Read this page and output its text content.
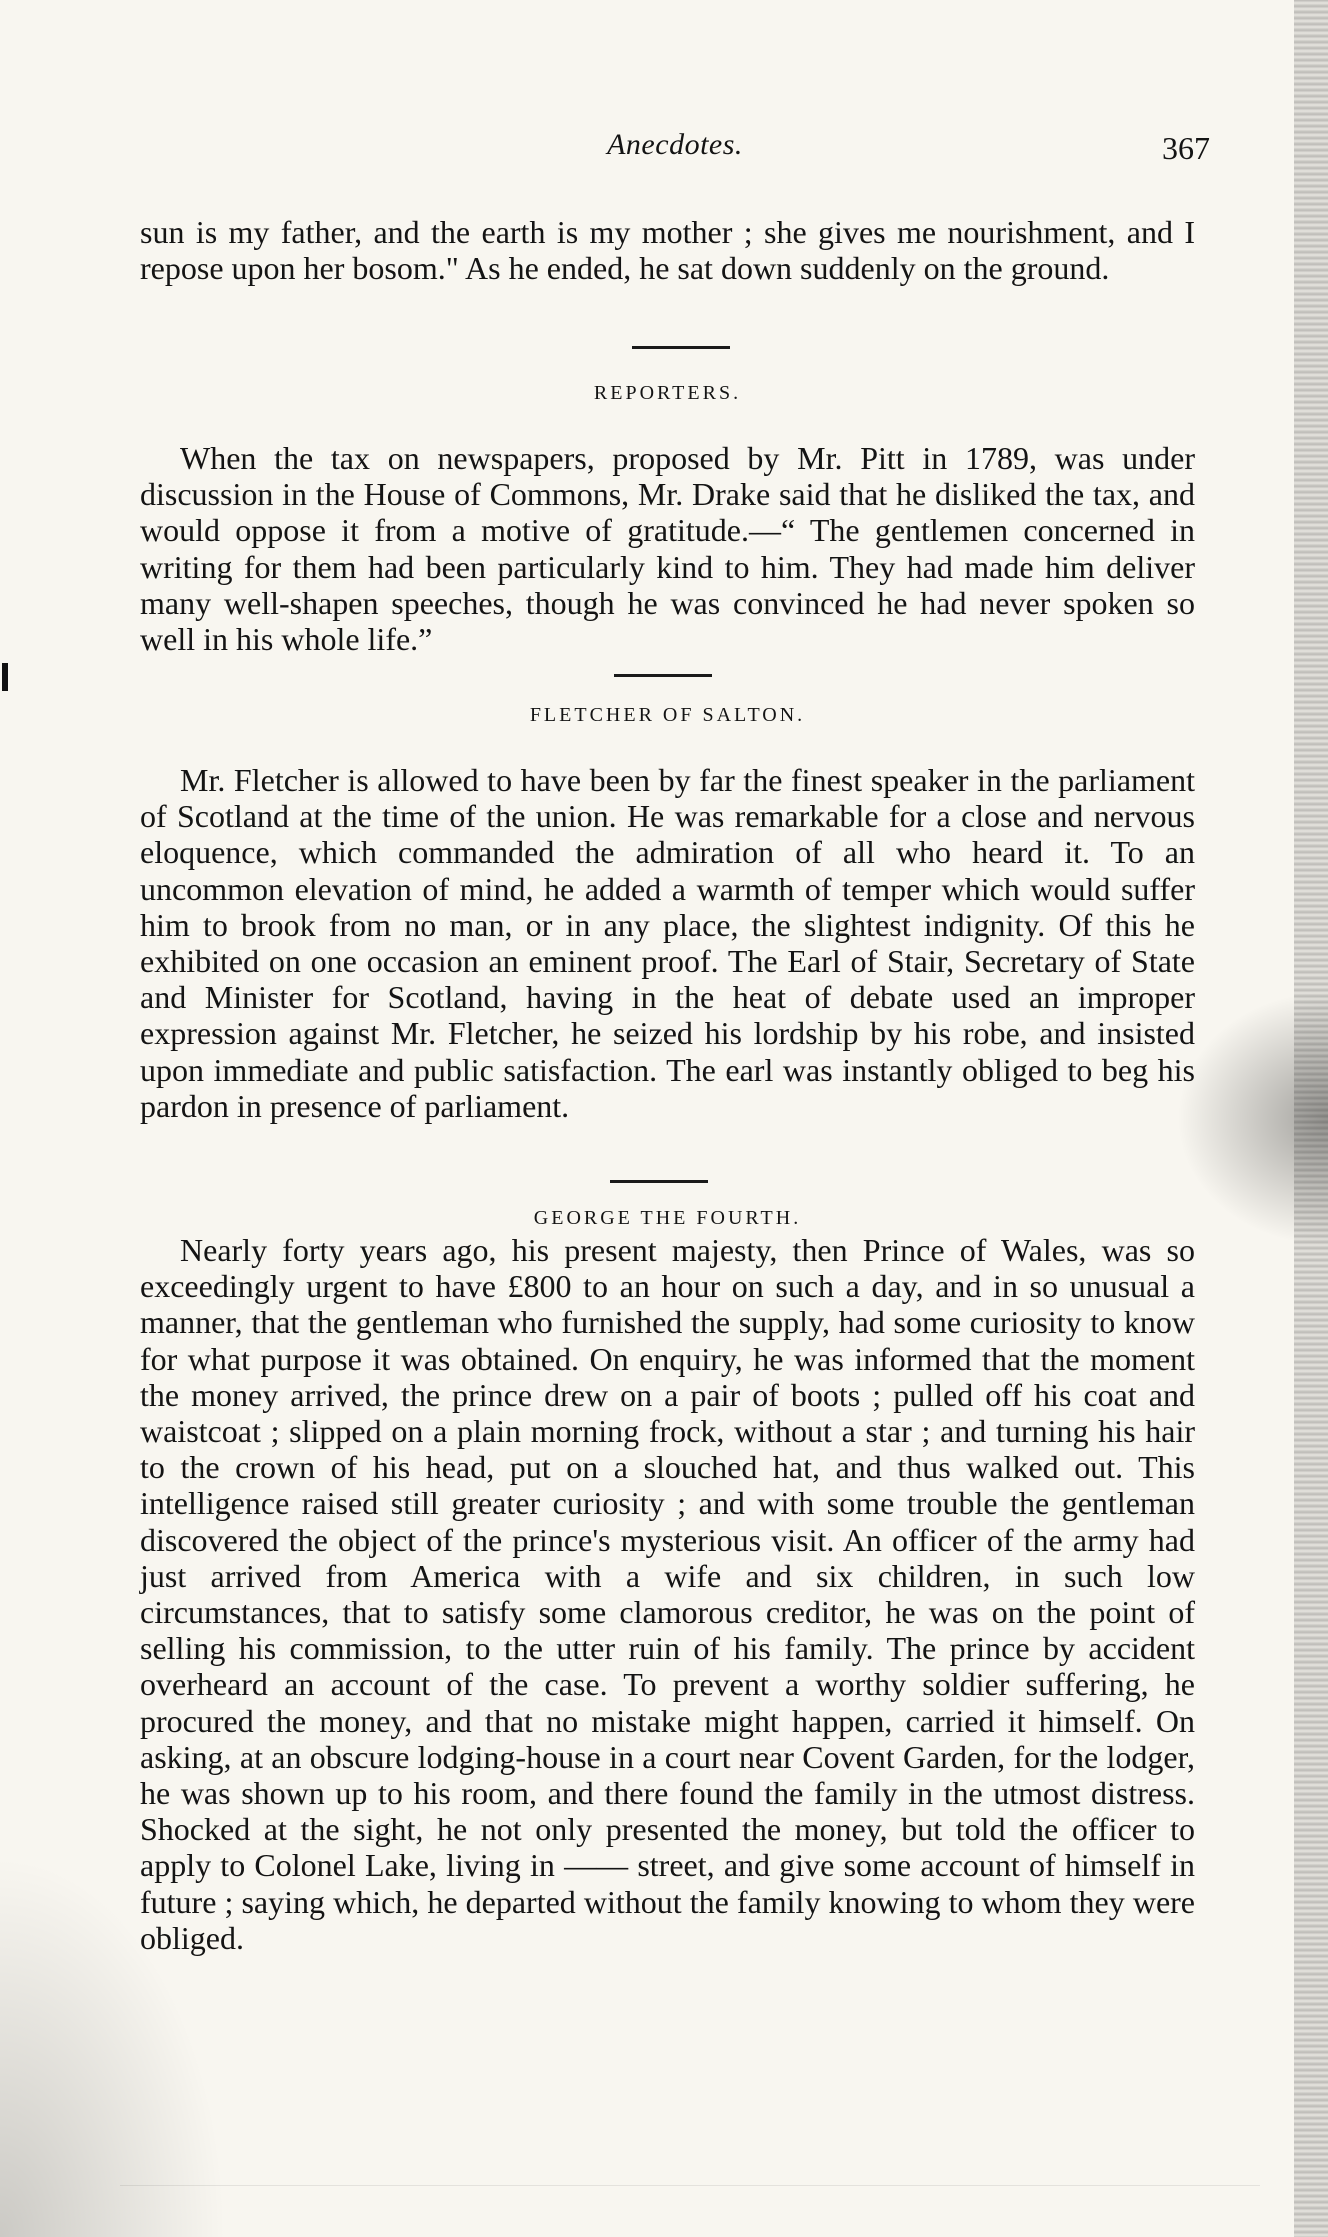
Anecdotes.	367

sun is my father, and the earth is my mother ; she gives me nourishment, and I repose upon her bosom." As he ended, he sat down suddenly on the ground.

REPORTERS.

When the tax on newspapers, proposed by Mr. Pitt in 1789, was under discussion in the House of Commons, Mr. Drake said that he disliked the tax, and would oppose it from a motive of gratitude.—“ The gentlemen concerned in writing for them had been particularly kind to him. They had made him deliver many well-shapen speeches, though he was convinced he had never spoken so well in his whole life.”

FLETCHER OF SALTON.

Mr. Fletcher is allowed to have been by far the finest speaker in the parliament of Scotland at the time of the union. He was remarkable for a close and nervous eloquence, which commanded the admiration of all who heard it. To an uncommon elevation of mind, he added a warmth of temper which would suffer him to brook from no man, or in any place, the slightest indignity. Of this he exhibited on one occasion an eminent proof. The Earl of Stair, Secretary of State and Minister for Scotland, having in the heat of debate used an improper expression against Mr. Fletcher, he seized his lordship by his robe, and insisted upon immediate and public satisfaction. The earl was instantly obliged to beg his pardon in presence of parliament.

GEORGE THE FOURTH.

Nearly forty years ago, his present majesty, then Prince of Wales, was so exceedingly urgent to have £800 to an hour on such a day, and in so unusual a manner, that the gentleman who furnished the supply, had some curiosity to know for what purpose it was obtained. On enquiry, he was informed that the moment the money arrived, the prince drew on a pair of boots ; pulled off his coat and waistcoat ; slipped on a plain morning frock, without a star ; and turning his hair to the crown of his head, put on a slouched hat, and thus walked out. This intelligence raised still greater curiosity ; and with some trouble the gentleman discovered the object of the prince's mysterious visit. An officer of the army had just arrived from America with a wife and six children, in such low circumstances, that to satisfy some clamorous creditor, he was on the point of selling his commission, to the utter ruin of his family. The prince by accident overheard an account of the case. To prevent a worthy soldier suffering, he procured the money, and that no mistake might happen, carried it himself. On asking, at an obscure lodging-house in a court near Covent Garden, for the lodger, he was shown up to his room, and there found the family in the utmost distress. Shocked at the sight, he not only presented the money, but told the officer to apply to Colonel Lake, living in —— street, and give some account of himself in future ; saying which, he departed without the family knowing to whom they were obliged.
